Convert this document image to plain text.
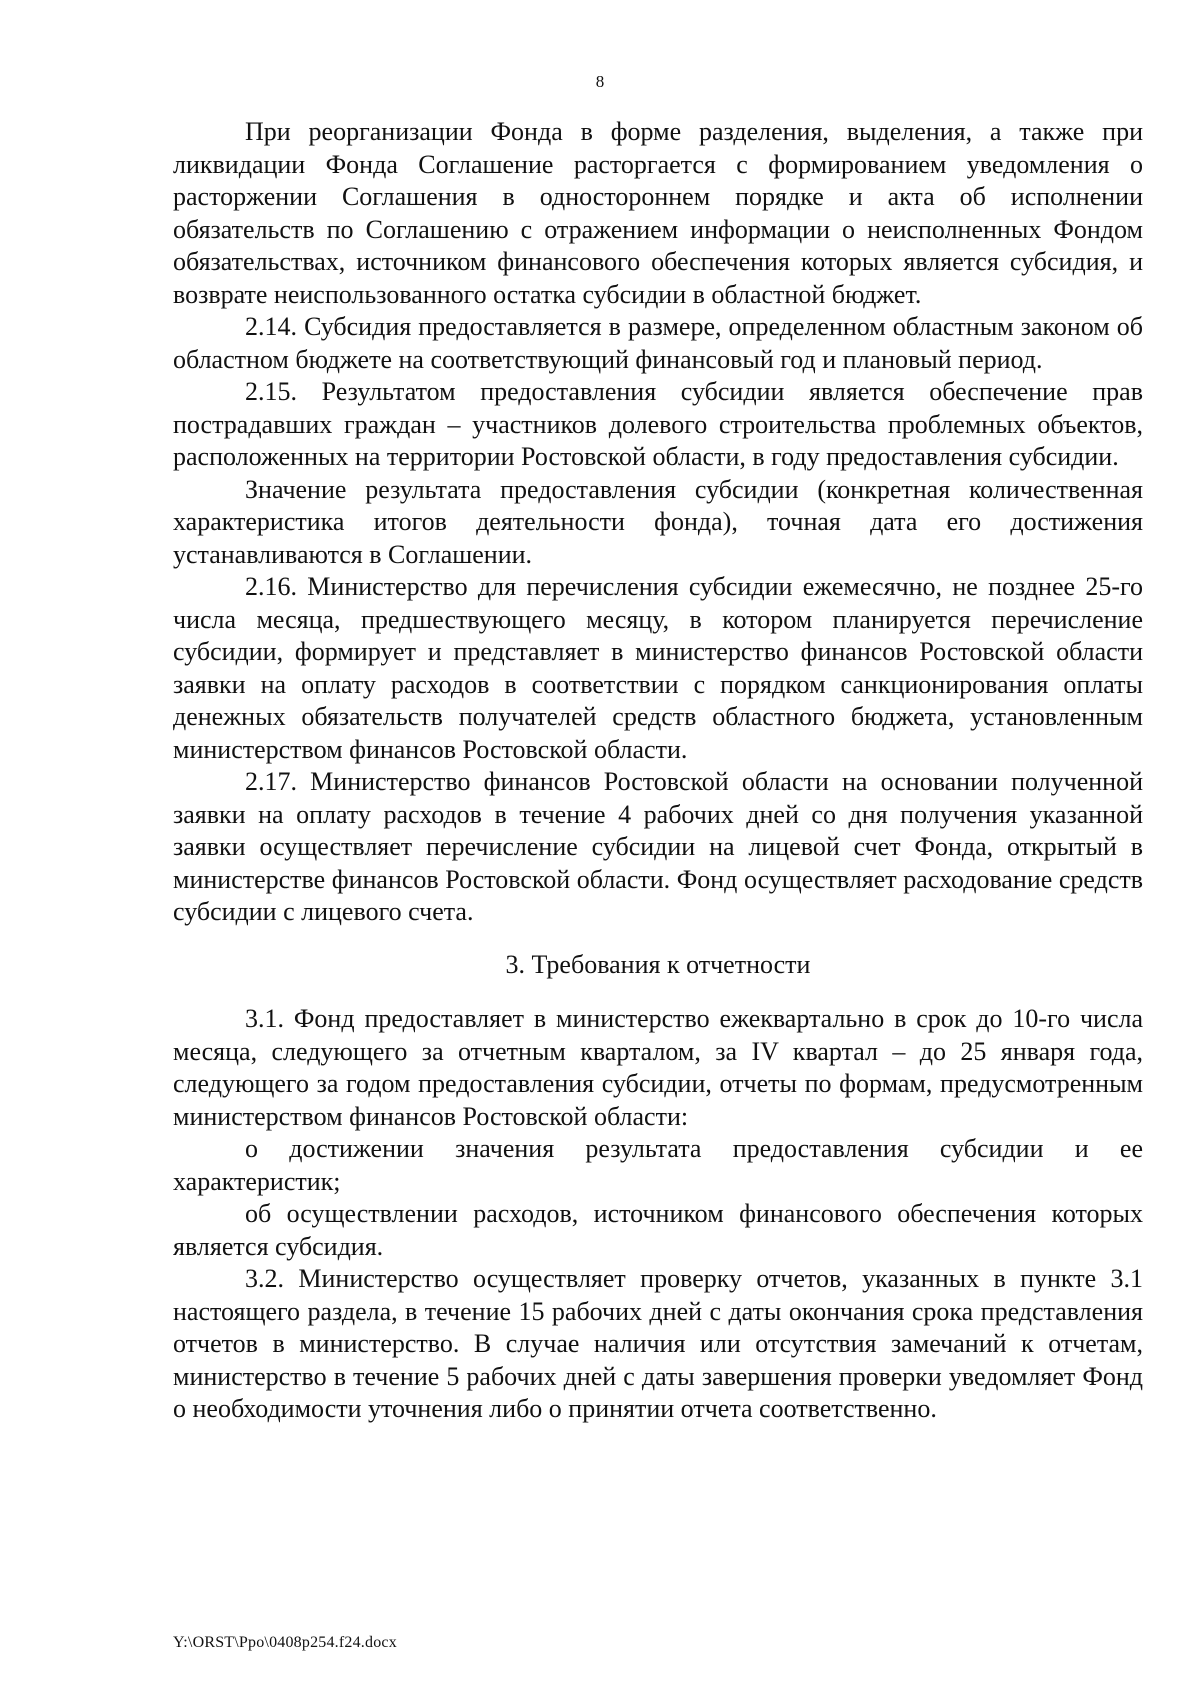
8

При реорганизации Фонда в форме разделения, выделения, а также при ликвидации Фонда Соглашение расторгается с формированием уведомления о расторжении Соглашения в одностороннем порядке и акта об исполнении обязательств по Соглашению с отражением информации о неисполненных Фондом обязательствах, источником финансового обеспечения которых является субсидия, и возврате неиспользованного остатка субсидии в областной бюджет.

2.14. Субсидия предоставляется в размере, определенном областным законом об областном бюджете на соответствующий финансовый год и плановый период.

2.15. Результатом предоставления субсидии является обеспечение прав пострадавших граждан – участников долевого строительства проблемных объектов, расположенных на территории Ростовской области, в году предоставления субсидии.

Значение результата предоставления субсидии (конкретная количественная характеристика итогов деятельности фонда), точная дата его достижения устанавливаются в Соглашении.

2.16. Министерство для перечисления субсидии ежемесячно, не позднее 25-го числа месяца, предшествующего месяцу, в котором планируется перечисление субсидии, формирует и представляет в министерство финансов Ростовской области заявки на оплату расходов в соответствии с порядком санкционирования оплаты денежных обязательств получателей средств областного бюджета, установленным министерством финансов Ростовской области.

2.17. Министерство финансов Ростовской области на основании полученной заявки на оплату расходов в течение 4 рабочих дней со дня получения указанной заявки осуществляет перечисление субсидии на лицевой счет Фонда, открытый в министерстве финансов Ростовской области. Фонд осуществляет расходование средств субсидии с лицевого счета.

3. Требования к отчетности

3.1. Фонд предоставляет в министерство ежеквартально в срок до 10-го числа месяца, следующего за отчетным кварталом, за IV квартал – до 25 января года, следующего за годом предоставления субсидии, отчеты по формам, предусмотренным министерством финансов Ростовской области:

о достижении значения результата предоставления субсидии и ее характеристик;

об осуществлении расходов, источником финансового обеспечения которых является субсидия.

3.2. Министерство осуществляет проверку отчетов, указанных в пункте 3.1 настоящего раздела, в течение 15 рабочих дней с даты окончания срока представления отчетов в министерство. В случае наличия или отсутствия замечаний к отчетам, министерство в течение 5 рабочих дней с даты завершения проверки уведомляет Фонд о необходимости уточнения либо о принятии отчета соответственно.

Y:\ORST\Ppo\0408p254.f24.docx
